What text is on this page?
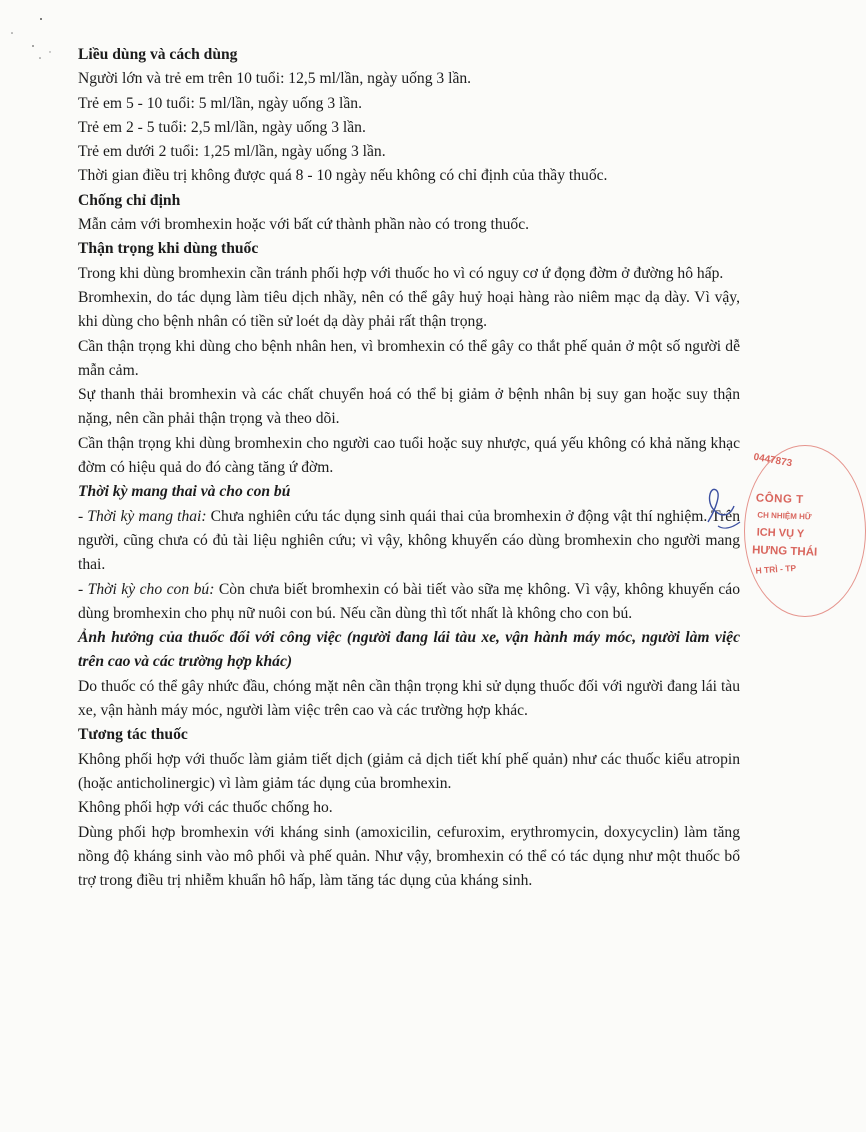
Liều dùng và cách dùng

Người lớn và trẻ em trên 10 tuổi: 12,5 ml/lần, ngày uống 3 lần.

Trẻ em 5 - 10 tuổi: 5 ml/lần, ngày uống 3 lần.

Trẻ em 2 - 5 tuổi: 2,5 ml/lần, ngày uống 3 lần.

Trẻ em dưới 2 tuổi: 1,25 ml/lần, ngày uống 3 lần.

Thời gian điều trị không được quá 8 - 10 ngày nếu không có chỉ định của thầy thuốc.

Chống chỉ định

Mẫn cảm với bromhexin hoặc với bất cứ thành phần nào có trong thuốc.

Thận trọng khi dùng thuốc

Trong khi dùng bromhexin cần tránh phối hợp với thuốc ho vì có nguy cơ ứ đọng đờm ở đường hô hấp.

Bromhexin, do tác dụng làm tiêu dịch nhầy, nên có thể gây huỷ hoại hàng rào niêm mạc dạ dày. Vì vậy, khi dùng cho bệnh nhân có tiền sử loét dạ dày phải rất thận trọng.

Cần thận trọng khi dùng cho bệnh nhân hen, vì bromhexin có thể gây co thắt phế quản ở một số người dễ mẫn cảm.

Sự thanh thải bromhexin và các chất chuyển hoá có thể bị giảm ở bệnh nhân bị suy gan hoặc suy thận nặng, nên cần phải thận trọng và theo dõi.

Cần thận trọng khi dùng bromhexin cho người cao tuổi hoặc suy nhược, quá yếu không có khả năng khạc đờm có hiệu quả do đó càng tăng ứ đờm.

Thời kỳ mang thai và cho con bú

- Thời kỳ mang thai: Chưa nghiên cứu tác dụng sinh quái thai của bromhexin ở động vật thí nghiệm. Trên người, cũng chưa có đủ tài liệu nghiên cứu; vì vậy, không khuyến cáo dùng bromhexin cho người mang thai.

- Thời kỳ cho con bú: Còn chưa biết bromhexin có bài tiết vào sữa mẹ không. Vì vậy, không khuyến cáo dùng bromhexin cho phụ nữ nuôi con bú. Nếu cần dùng thì tốt nhất là không cho con bú.

Ảnh hưởng của thuốc đối với công việc (người đang lái tàu xe, vận hành máy móc, người làm việc trên cao và các trường hợp khác)

Do thuốc có thể gây nhức đầu, chóng mặt nên cần thận trọng khi sử dụng thuốc đối với người đang lái tàu xe, vận hành máy móc, người làm việc trên cao và các trường hợp khác.

Tương tác thuốc

Không phối hợp với thuốc làm giảm tiết dịch (giảm cả dịch tiết khí phế quản) như các thuốc kiểu atropin (hoặc anticholinergic) vì làm giảm tác dụng của bromhexin.

Không phối hợp với các thuốc chống ho.

Dùng phối hợp bromhexin với kháng sinh (amoxicilin, cefuroxim, erythromycin, doxycyclin) làm tăng nồng độ kháng sinh vào mô phổi và phế quản. Như vậy, bromhexin có thể có tác dụng như một thuốc bổ trợ trong điều trị nhiễm khuẩn hô hấp, làm tăng tác dụng của kháng sinh.

0447873
CÔNG T
CH NHIỆM HỮ
ICH VỤ Y
HƯNG THÁI
H TRÌ - TP
